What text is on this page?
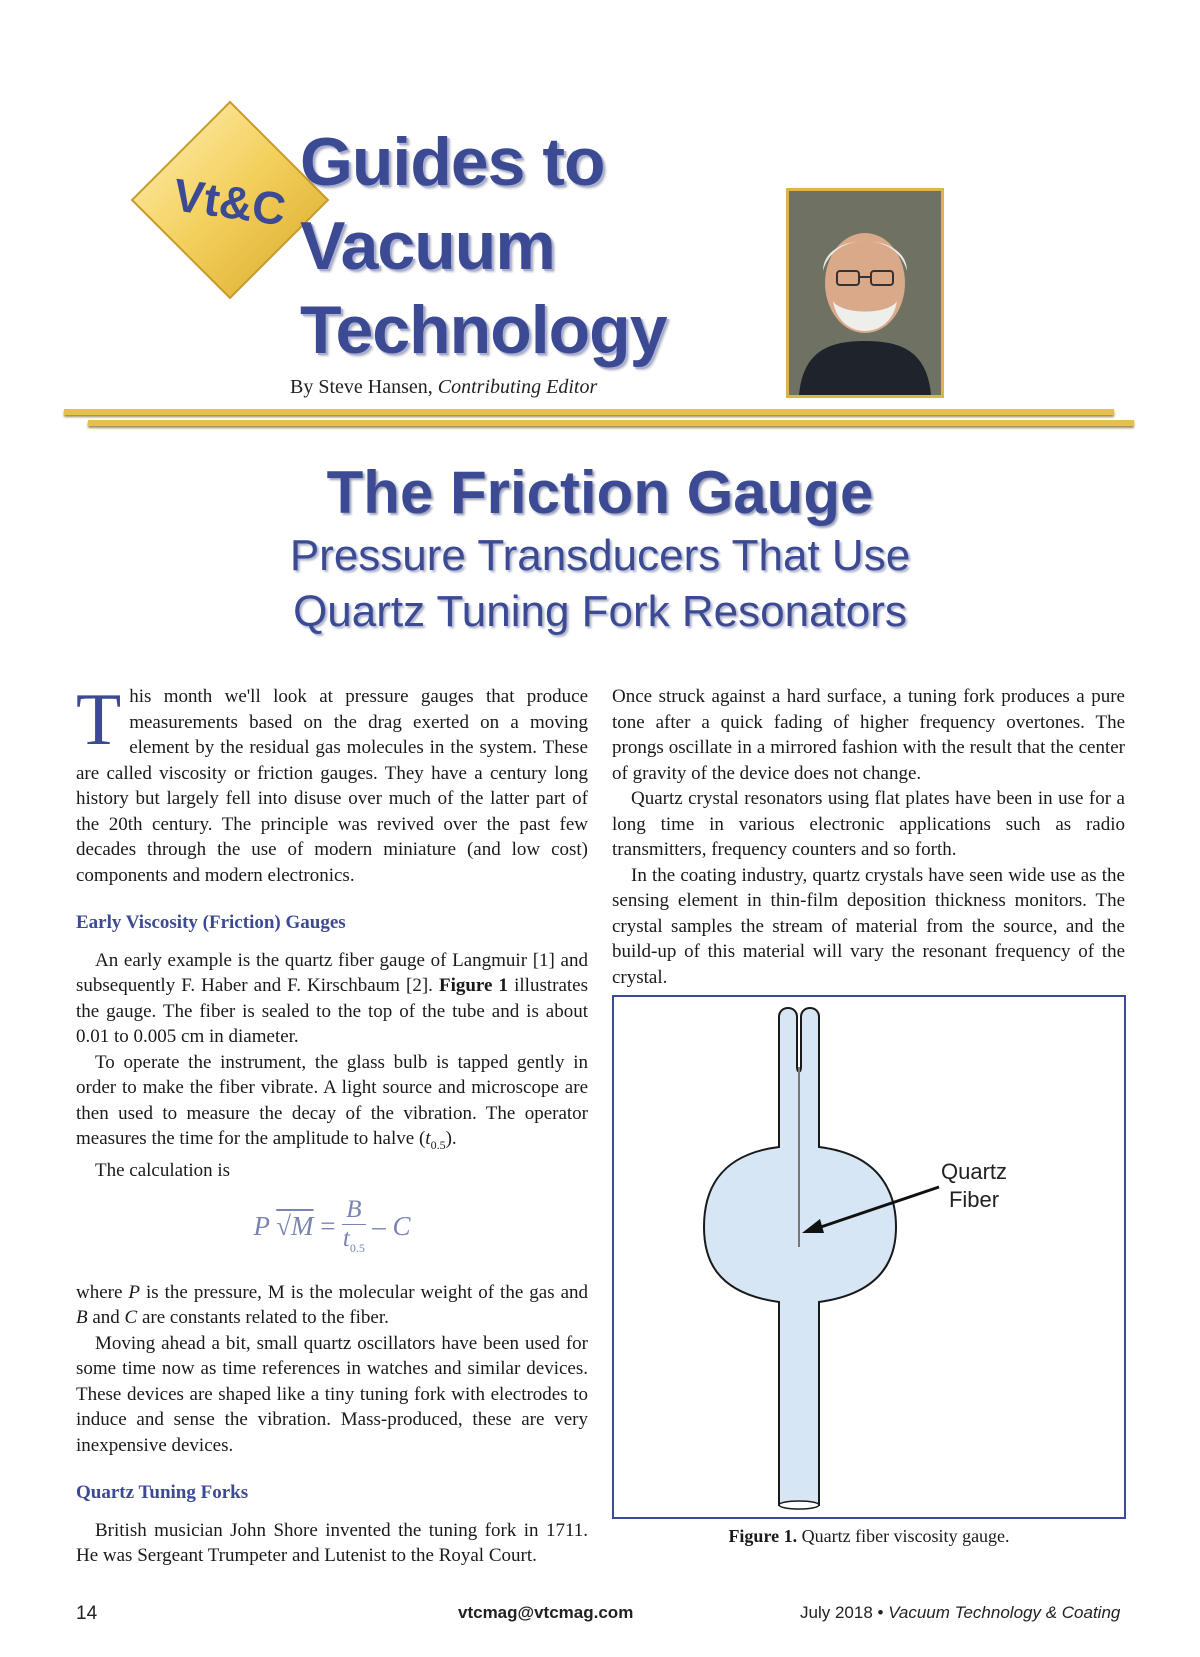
Vt&C
Guides to
Vacuum
Technology
By Steve Hansen, Contributing Editor
The Friction Gauge
Pressure Transducers That Use
Quartz Tuning Fork Resonators

This month we'll look at pressure gauges that produce measurements based on the drag exerted on a moving element by the residual gas molecules in the system. These are called viscosity or friction gauges. They have a century long history but largely fell into disuse over much of the latter part of the 20th century. The principle was revived over the past few decades through the use of modern miniature (and low cost) components and modern electronics.

Early Viscosity (Friction) Gauges

An early example is the quartz fiber gauge of Langmuir [1] and subsequently F. Haber and F. Kirschbaum [2]. Figure 1 illustrates the gauge. The fiber is sealed to the top of the tube and is about 0.01 to 0.005 cm in diameter.

To operate the instrument, the glass bulb is tapped gently in order to make the fiber vibrate. A light source and microscope are then used to measure the decay of the vibration. The operator measures the time for the amplitude to halve $(t_{0.5})$.

The calculation is

P $√M = \frac{B}{t_{0.5}} - C$

where P is the pressure, M is the molecular weight of the gas and B and C are constants related to the fiber.

Moving ahead a bit, small quartz oscillators have been used for some time now as time references in watches and similar devices. These devices are shaped like a tiny tuning fork with electrodes to induce and sense the vibration. Mass-produced, these are very inexpensive devices.

Quartz Tuning Forks

British musician John Shore invented the tuning fork in 1711. He was Sergeant Trumpeter and Lutenist to the Royal Court.

Once struck against a hard surface, a tuning fork produces a pure tone after a quick fading of higher frequency overtones. The prongs oscillate in a mirrored fashion with the result that the center of gravity of the device does not change.

Quartz crystal resonators using flat plates have been in use for a long time in various electronic applications such as radio transmitters, frequency counters and so forth.

In the coating industry, quartz crystals have seen wide use as the sensing element in thin-film deposition thickness monitors. The crystal samples the stream of material from the source, and the build-up of this material will vary the resonant frequency of the crystal.

Quartz
Fiber
Figure 1. Quartz fiber viscosity gauge.
14	vtcmag@vtcmag.com	July 2018 • Vacuum Technology & Coating
